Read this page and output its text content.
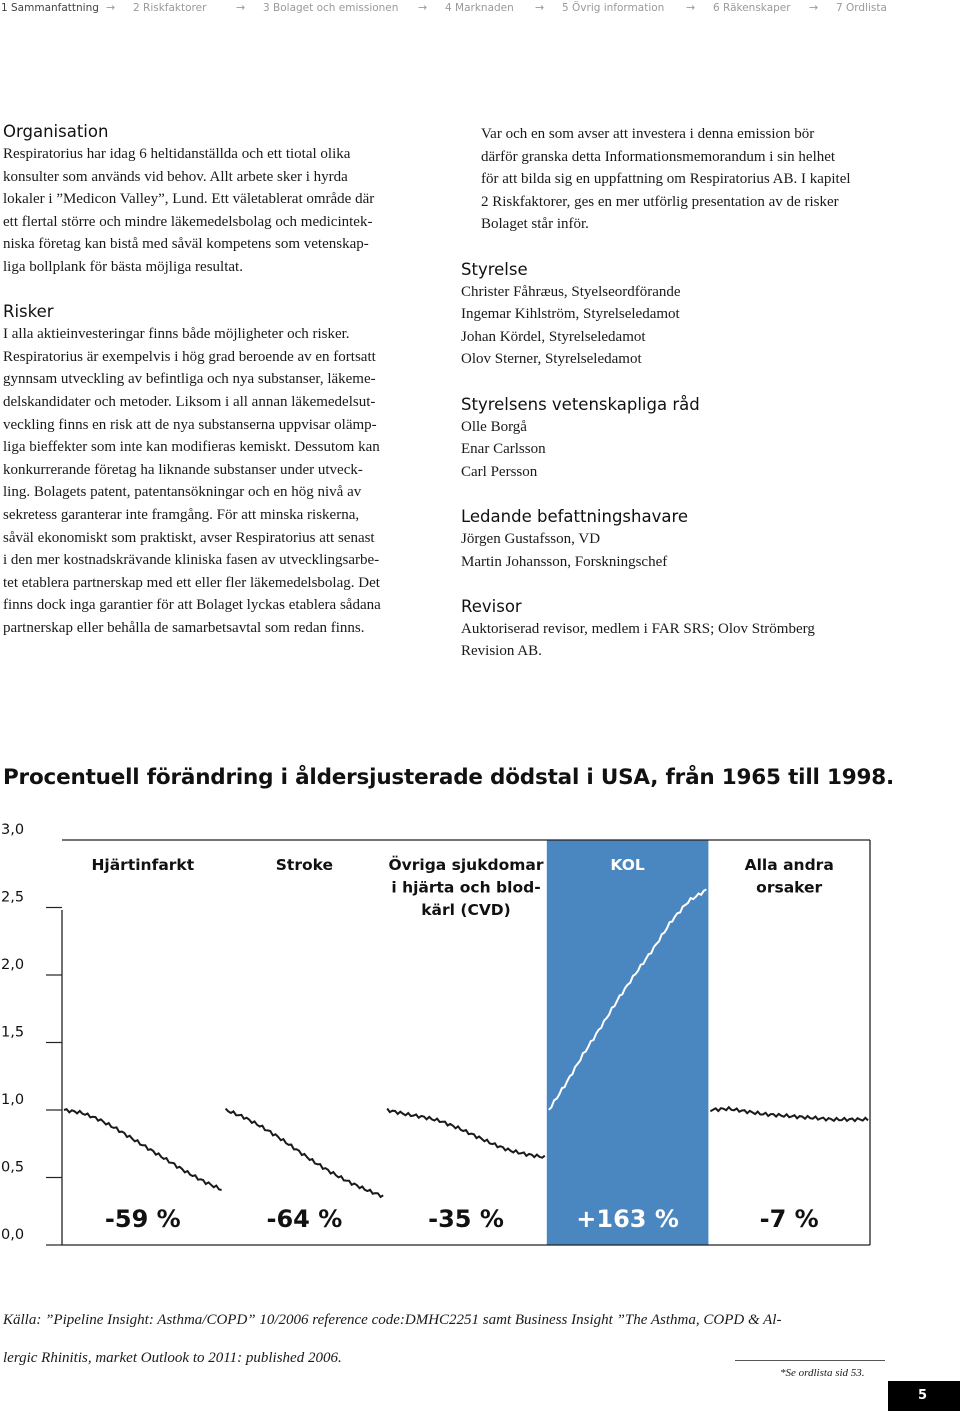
1 Sammanfattning → 2 Riskfaktorer	→ 3 Bolaget och emissionen → 4 Marknaden → 5 Övrig information → 6 Räkenskaper → 7 Ordlista
Organisation

Respiratorius har idag 6 heltidanställda och ett tiotal olika

konsulter som används vid behov. Allt arbete sker i hyrda

lokaler i ”Medicon Valley”, Lund. Ett väletablerat område där

ett flertal större och mindre läkemedelsbolag och medicintek-

niska företag kan bistå med såväl kompetens som vetenskap-

liga bollplank för bästa möjliga resultat.

Risker

I alla aktieinvesteringar finns både möjligheter och risker.

Respiratorius är exempelvis i hög grad beroende av en fortsatt

gynnsam utveckling av befintliga och nya substanser, läkeme-

delskandidater och metoder. Liksom i all annan läkemedelsut-

veckling finns en risk att de nya substanserna uppvisar olämp-

liga bieffekter som inte kan modifieras kemiskt. Dessutom kan

konkurrerande företag ha liknande substanser under utveck-

ling. Bolagets patent, patentansökningar och en hög nivå av

sekretess garanterar inte framgång. För att minska riskerna,

såväl ekonomiskt som praktiskt, avser Respiratorius att senast

i den mer kostnadskrävande kliniska fasen av utvecklingsarbe-

tet etablera partnerskap med ett eller fler läkemedelsbolag. Det

finns dock inga garantier för att Bolaget lyckas etablera sådana

partnerskap eller behålla de samarbetsavtal som redan finns.

Var och en som avser att investera i denna emission bör

därför granska detta Informationsmemorandum i sin helhet

för att bilda sig en uppfattning om Respiratorius AB. I kapitel

2 Riskfaktorer, ges en mer utförlig presentation av de risker

Bolaget står inför.

Styrelse

Christer Fåhræus, Styelseordförande

Ingemar Kihlström, Styrelseledamot

Johan Kördel, Styrelseledamot

Olov Sterner, Styrelseledamot

Styrelsens vetenskapliga råd

Olle Borgå

Enar Carlsson

Carl Persson

Ledande befattningshavare

Jörgen Gustafsson, VD

Martin Johansson, Forskningschef

Revisor

Auktoriserad revisor, medlem i FAR SRS; Olov Strömberg

Revision AB.

Procentuell förändring i åldersjusterade dödstal i USA, från 1965 till 1998.
3,0
2,5
2,0
1,5
1,0
0,5
0,0
Hjärtinfarkt
-59 %
Stroke
-64 %
Övriga sjukdomar
i hjärta och blod-
kärl (CVD)
-35 %
KOL
+163 %
Alla andra
orsaker
-7 %

Källa: ”Pipeline Insight: Asthma/COPD” 10/2006 reference code:DMHC2251 samt Business Insight ”The Asthma, COPD & Al-

lergic Rhinitis, market Outlook to 2011: published 2006.

*Se ordlista sid 53.
5
